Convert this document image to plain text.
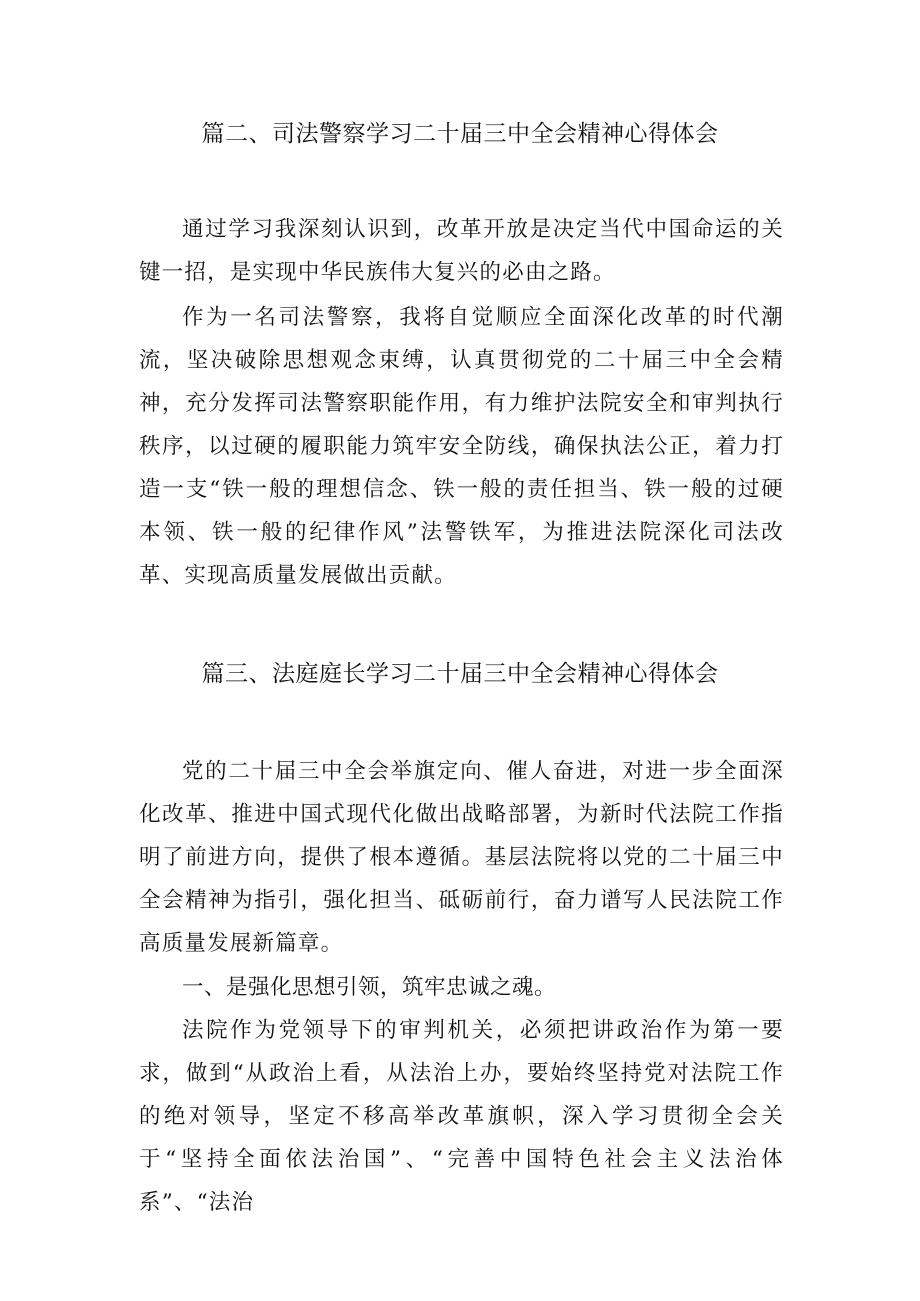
篇二、司法警察学习二十届三中全会精神心得体会

通过学习我深刻认识到，改革开放是决定当代中国命运的关键一招，是实现中华民族伟大复兴的必由之路。

作为一名司法警察，我将自觉顺应全面深化改革的时代潮流，坚决破除思想观念束缚，认真贯彻党的二十届三中全会精神，充分发挥司法警察职能作用，有力维护法院安全和审判执行秩序，以过硬的履职能力筑牢安全防线，确保执法公正，着力打造一支“铁一般的理想信念、铁一般的责任担当、铁一般的过硬本领、铁一般的纪律作风”法警铁军，为推进法院深化司法改革、实现高质量发展做出贡献。

篇三、法庭庭长学习二十届三中全会精神心得体会

党的二十届三中全会举旗定向、催人奋进，对进一步全面深化改革、推进中国式现代化做出战略部署，为新时代法院工作指明了前进方向，提供了根本遵循。基层法院将以党的二十届三中全会精神为指引，强化担当、砥砺前行，奋力谱写人民法院工作高质量发展新篇章。

一、是强化思想引领，筑牢忠诚之魂。

法院作为党领导下的审判机关，必须把讲政治作为第一要求，做到“从政治上看，从法治上办，要始终坚持党对法院工作的绝对领导，坚定不移高举改革旗帜，深入学习贯彻全会关于“坚持全面依法治国”、“完善中国特色社会主义法治体系”、“法治
